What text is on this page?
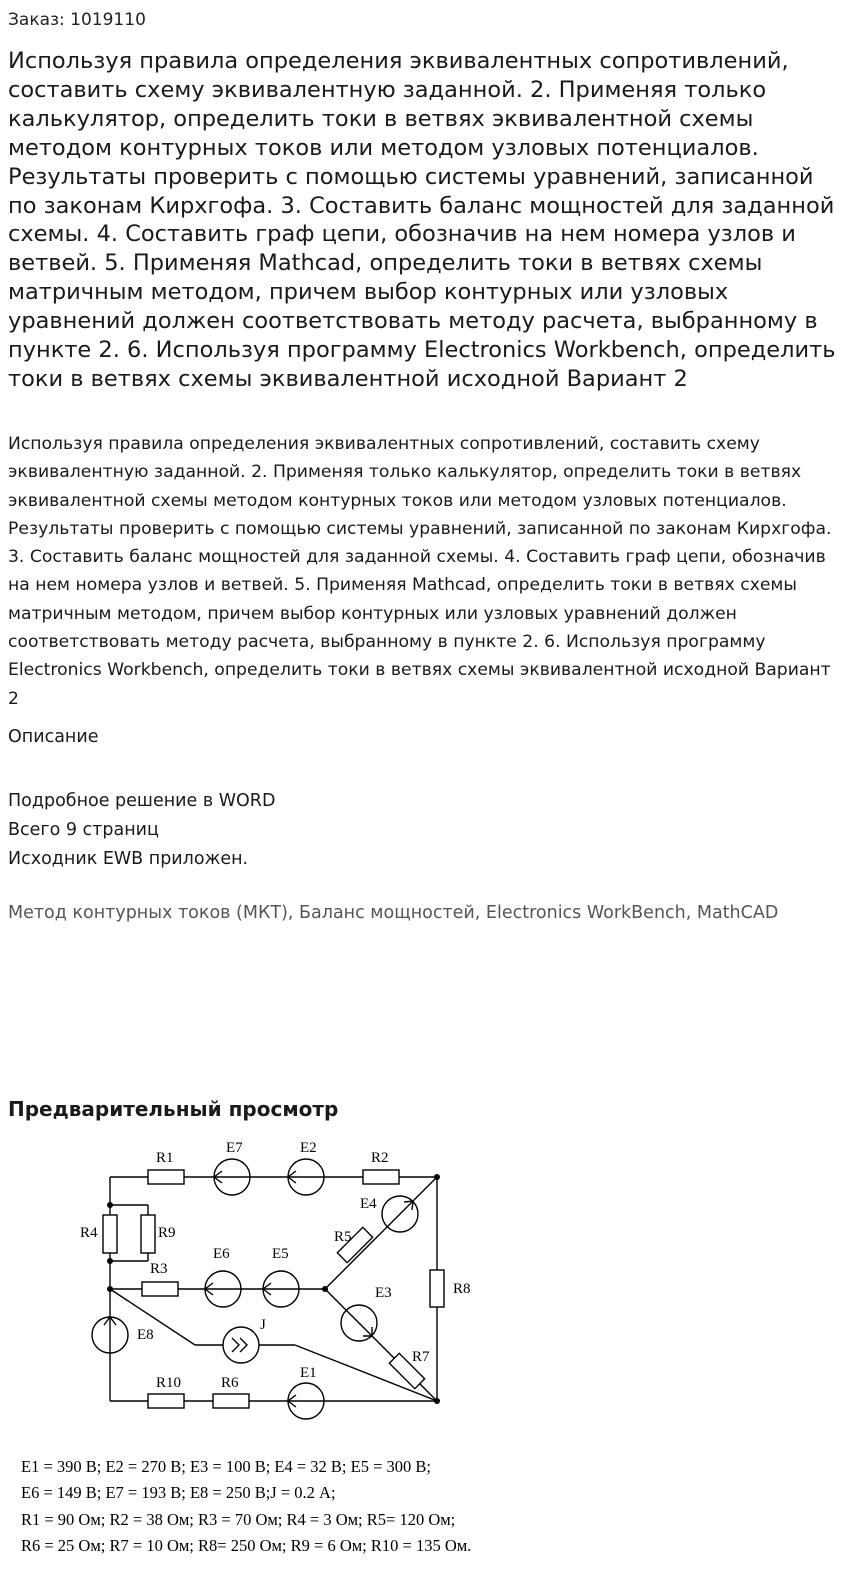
Заказ: 1019110
Используя правила определения эквивалентных сопротивлений, составить схему эквивалентную заданной. 2. Применяя только калькулятор, определить токи в ветвях эквивалентной схемы методом контурных токов или методом узловых потенциалов. Результаты проверить с помощью системы уравнений, записанной по законам Кирхгофа. 3. Составить баланс мощностей для заданной схемы. 4. Составить граф цепи, обозначив на нем номера узлов и ветвей. 5. Применяя Mathcad, определить токи в ветвях схемы матричным методом, причем выбор контурных или узловых уравнений должен соответствовать методу расчета, выбранному в пункте 2. 6. Используя программу Electronics Workbench, определить токи в ветвях схемы эквивалентной исходной Вариант 2
Используя правила определения эквивалентных сопротивлений, составить схему эквивалентную заданной. 2. Применяя только калькулятор, определить токи в ветвях эквивалентной схемы методом контурных токов или методом узловых потенциалов. Результаты проверить с помощью системы уравнений, записанной по законам Кирхгофа. 3. Составить баланс мощностей для заданной схемы. 4. Составить граф цепи, обозначив на нем номера узлов и ветвей. 5. Применяя Mathcad, определить токи в ветвях схемы матричным методом, причем выбор контурных или узловых уравнений должен соответствовать методу расчета, выбранному в пункте 2. 6. Используя программу Electronics Workbench, определить токи в ветвях схемы эквивалентной исходной Вариант 2
Описание
Подробное решение в WORD
Всего 9 страниц
Исходник EWB приложен.
Метод контурных токов (МКТ), Баланс мощностей, Electronics WorkBench, MathCAD
Предварительный просмотр
R1
E7	E2
R2
R4	R9
E4
R5
E6	E5
R3
E3	R8
J
E8
R7
R10	R6
E1
E1 = 390 В; E2 = 270 В; E3 = 100 В; E4 = 32 В; E5 = 300 В;
E6 = 149 В; E7 = 193 В; E8 = 250 В;J = 0.2 А;
R1 = 90 Ом; R2 = 38 Ом; R3 = 70 Ом; R4 = 3 Ом; R5= 120 Ом;
R6 = 25 Ом; R7 = 10 Ом; R8= 250 Ом; R9 = 6 Ом; R10 = 135 Ом.
